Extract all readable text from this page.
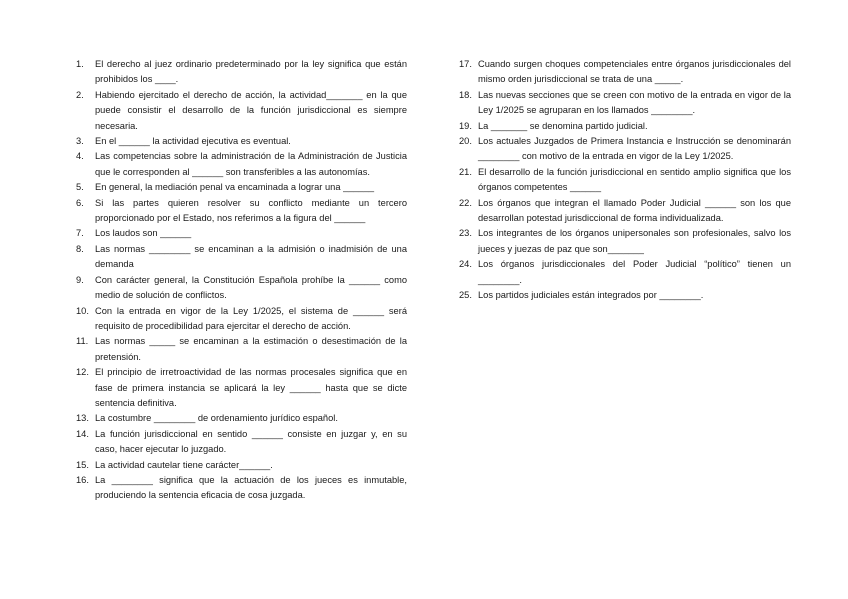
1.	El derecho al juez ordinario predeterminado por la ley significa que están prohibidos los ____.
2.	Habiendo ejercitado el derecho de acción, la actividad_______ en la que puede consistir el desarrollo de la función jurisdiccional es siempre necesaria.
3.	En el ______ la actividad ejecutiva es eventual.
4.	Las competencias sobre la administración de la Administración de Justicia que le corresponden al ______ son transferibles a las autonomías.
5.	En general, la mediación penal va encaminada a lograr una ______
6.	Si las partes quieren resolver su conflicto mediante un tercero proporcionado por el Estado, nos referimos a la figura del ______
7.	Los laudos son ______
8.	Las normas ________ se encaminan a la admisión o inadmisión de una demanda
9.	Con carácter general, la Constitución Española prohíbe la ______ como medio de solución de conflictos.
10. Con la entrada en vigor de la Ley 1/2025, el sistema de ______ será requisito de procedibilidad para ejercitar el derecho de acción.
11. Las normas _____ se encaminan a la estimación o desestimación de la pretensión.
12. El principio de irretroactividad de las normas procesales significa que en fase de primera instancia se aplicará la ley ______ hasta que se dicte sentencia definitiva.
13. La costumbre ________ de ordenamiento jurídico español.
14. La función jurisdiccional en sentido ______ consiste en juzgar y, en su caso, hacer ejecutar lo juzgado.
15. La actividad cautelar tiene carácter______.
16. La ________ significa que la actuación de los jueces es inmutable, produciendo la sentencia eficacia de cosa juzgada.
17. Cuando surgen choques competenciales entre órganos jurisdiccionales del mismo orden jurisdiccional se trata de una _____.
18. Las nuevas secciones que se creen con motivo de la entrada en vigor de la Ley 1/2025 se agruparan en los llamados ________.
19. La _______ se denomina partido judicial.
20. Los actuales Juzgados de Primera Instancia e Instrucción se denominarán ________ con motivo de la entrada en vigor de la Ley 1/2025.
21. El desarrollo de la función jurisdiccional en sentido amplio significa que los órganos competentes ______
22. Los órganos que integran el llamado Poder Judicial ______ son los que desarrollan potestad jurisdiccional de forma individualizada.
23. Los integrantes de los órganos unipersonales son profesionales, salvo los jueces y juezas de paz que son_______
24. Los órganos jurisdiccionales del Poder Judicial “político” tienen un ________.
25. Los partidos judiciales están integrados por ________.
